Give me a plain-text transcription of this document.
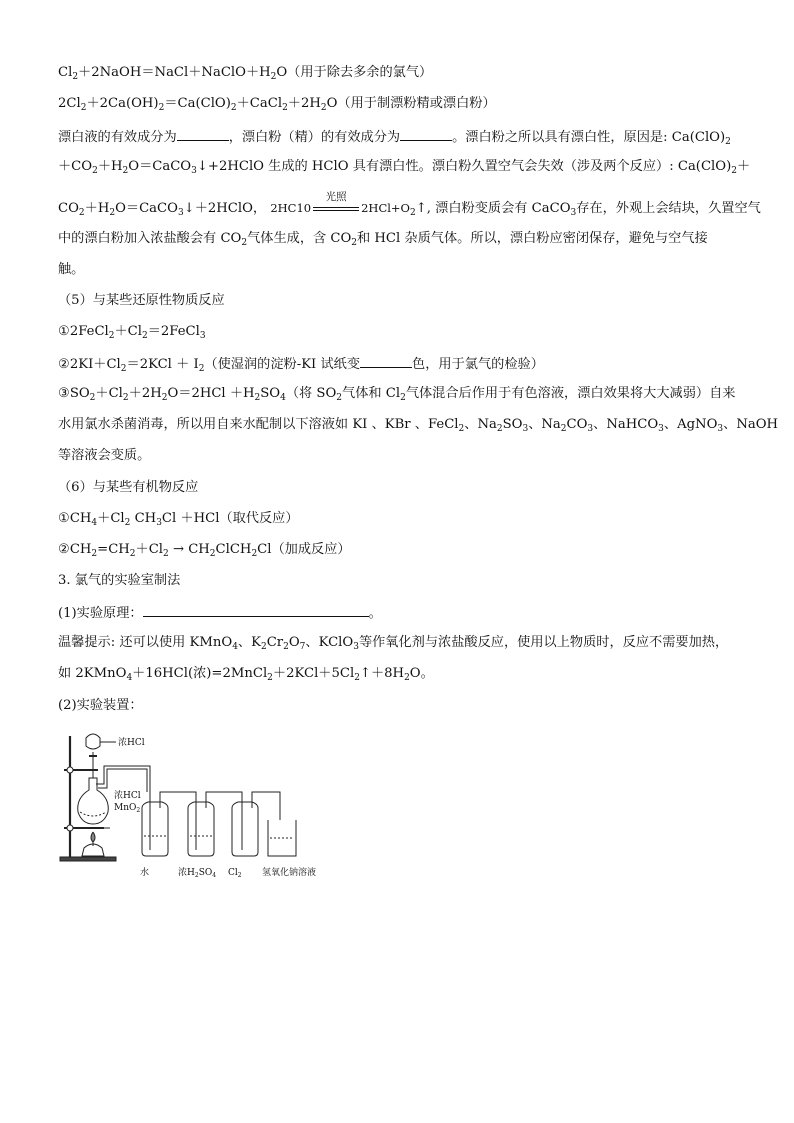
$Cl_2+2NaOH=NaCl+NaClO+H_2O$（用于除去多余的氯气）
$2Cl_2+2Ca(OH)_2=Ca(ClO)_2+CaCl_2+2H_2O$（用于制漂粉精或漂白粉）
漂白液的有效成分为	，漂白粉（精）的有效成分为	。漂白粉之所以具有漂白性，原因是: $Ca(ClO)_2$
$+CO_2+H_2O=CaCO_3↓+2HClO$ 生成的 HClO 具有漂白性。漂白粉久置空气会失效（涉及两个反应）: $Ca(ClO)_2+$
$CO_2+H_2O=CaCO_3↓+2HClO$， 2HC10
光照
$2HCl+O_2↑$, 漂白粉变质会有 CaCO$_3$存在，外观上会结块，久置空气
中的漂白粉加入浓盐酸会有 $CO_2$气体生成，含 $CO_2$和 HCl 杂质气体。所以，漂白粉应密闭保存，避免与空气接
触。
（5）与某些还原性物质反应
$①2FeCl_2+Cl_2=2FeCl_3$
$②2KI+Cl_2=2KCl + I_2$（使湿润的淀粉-KI 试纸变	色，用于氯气的检验）
$③SO_2+Cl_2+2H_2O=2HCl +H_2SO_4$（将 $SO_2$气体和 $Cl_2$气体混合后作用于有色溶液，漂白效果将大大减弱）自来
水用氯水杀菌消毒，所以用自来水配制以下溶液如 KI 、KBr 、FeCl$_2$、$Na_2SO_3$、$Na_2CO_3$、NaHCO$_3$、AgNO$_3$、NaOH
等溶液会变质。
（6）与某些有机物反应
$①CH_4+Cl_2$ $CH_3Cl +HCl$（取代反应）
$②CH_2=CH_2+Cl_2$ → $CH_2ClCH_2Cl$（加成反应）
3. 氯气的实验室制法
(1)实验原理：	。
温馨提示: 还可以使用 KMnO$_4$、$K_2Cr_2O_7$、KClO$_3$等作氧化剂与浓盐酸反应，使用以上物质时，反应不需要加热，
如 2KMnO$_4$＋16HCl(浓)$=2MnCl_2+2KCl+5Cl_2↑+8H_2O$。
(2)实验装置：
浓HCl
浓HCl
MnO$_2$
水	浓$H_2SO_4$ $Cl_2$ 氢氧化钠溶液
